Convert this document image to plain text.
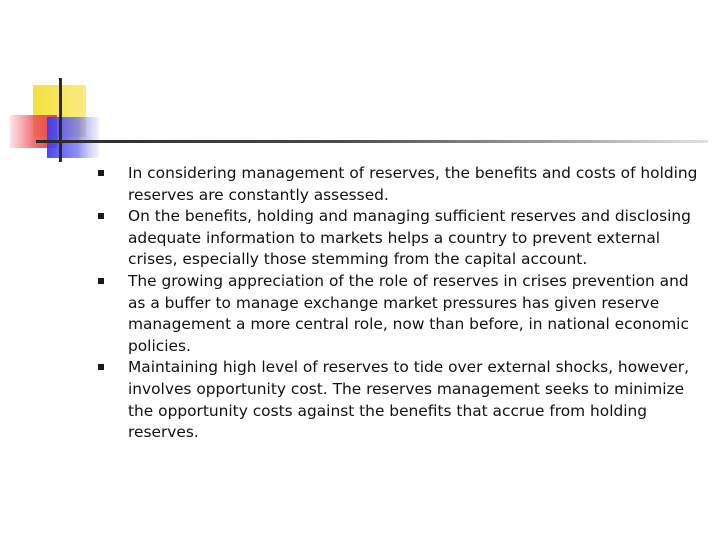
In considering management of reserves, the benefits and costs of holding reserves are constantly assessed.
On the benefits, holding and managing sufficient reserves and disclosing adequate information to markets helps a country to prevent external crises, especially those stemming from the capital account.
The growing appreciation of the role of reserves in crises prevention and as a buffer to manage exchange market pressures has given reserve management a more central role, now than before, in national economic policies.
Maintaining high level of reserves to tide over external shocks, however, involves opportunity cost. The reserves management seeks to minimize the opportunity costs against the benefits that accrue from holding reserves.
